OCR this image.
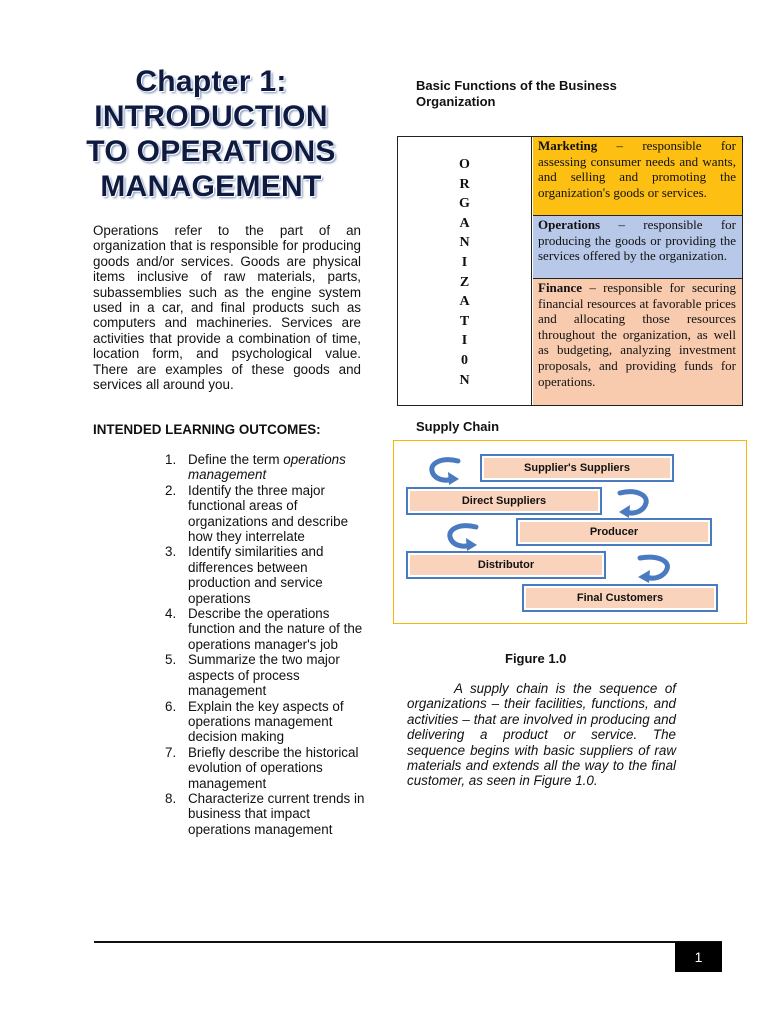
Chapter 1:
INTRODUCTION
TO OPERATIONS
MANAGEMENT
Operations refer to the part of an organization that is responsible for producing goods and/or services. Goods are physical items inclusive of raw materials, parts, subassemblies such as the engine system used in a car, and final products such as computers and machineries. Services are activities that provide a combination of time, location form, and psychological value. There are examples of these goods and services all around you.
INTENDED LEARNING OUTCOMES:
1. Define the term operations management
2. Identify the three major functional areas of organizations and describe how they interrelate
3. Identify similarities and differences between production and service operations
4. Describe the operations function and the nature of the operations manager's job
5. Summarize the two major aspects of process management
6. Explain the key aspects of operations management decision making
7. Briefly describe the historical evolution of operations management
8. Characterize current trends in business that impact operations management
Basic Functions of the Business Organization
O
R
G
A
N
I
Z
A
T
I
0
N
Marketing – responsible for assessing consumer needs and wants, and selling and promoting the organization's goods or services.
Operations – responsible for producing the goods or providing the services offered by the organization.
Finance – responsible for securing financial resources at favorable prices and allocating those resources throughout the organization, as well as budgeting, analyzing investment proposals, and providing funds for operations.
Supply Chain
Supplier's Suppliers
Direct Suppliers
Producer
Distributor
Final Customers
Figure 1.0
A supply chain is the sequence of organizations – their facilities, functions, and activities – that are involved in producing and delivering a product or service. The sequence begins with basic suppliers of raw materials and extends all the way to the final customer, as seen in Figure 1.0.
1
